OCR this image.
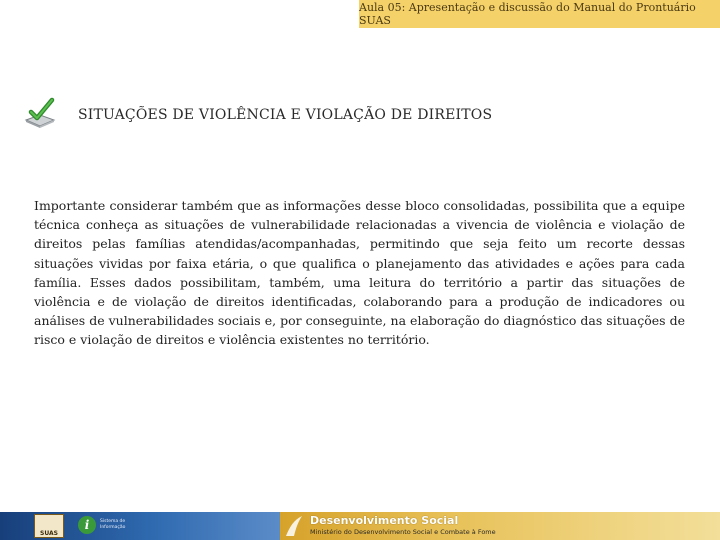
Aula 05: Apresentação e discussão do Manual do Prontuário SUAS
SITUAÇÕES DE VIOLÊNCIA E VIOLAÇÃO DE DIREITOS

Importante considerar também que as informações desse bloco consolidadas, possibilita que a equipe técnica conheça as situações de vulnerabilidade relacionadas a vivencia de violência e violação de direitos pelas famílias atendidas/acompanhadas, permitindo que seja feito um recorte dessas situações vividas por faixa etária, o que qualifica o planejamento das atividades e ações para cada família. Esses dados possibilitam, também, uma leitura do território a partir das situações de violência e de violação de direitos identificadas, colaborando para a produção de indicadores ou análises de vulnerabilidades sociais e, por conseguinte, na elaboração do diagnóstico das situações de risco e violação de direitos e violência existentes no território.

SUAS
i	Sistema de
Informação
Desenvolvimento Social
Ministério do Desenvolvimento Social e Combate à Fome
